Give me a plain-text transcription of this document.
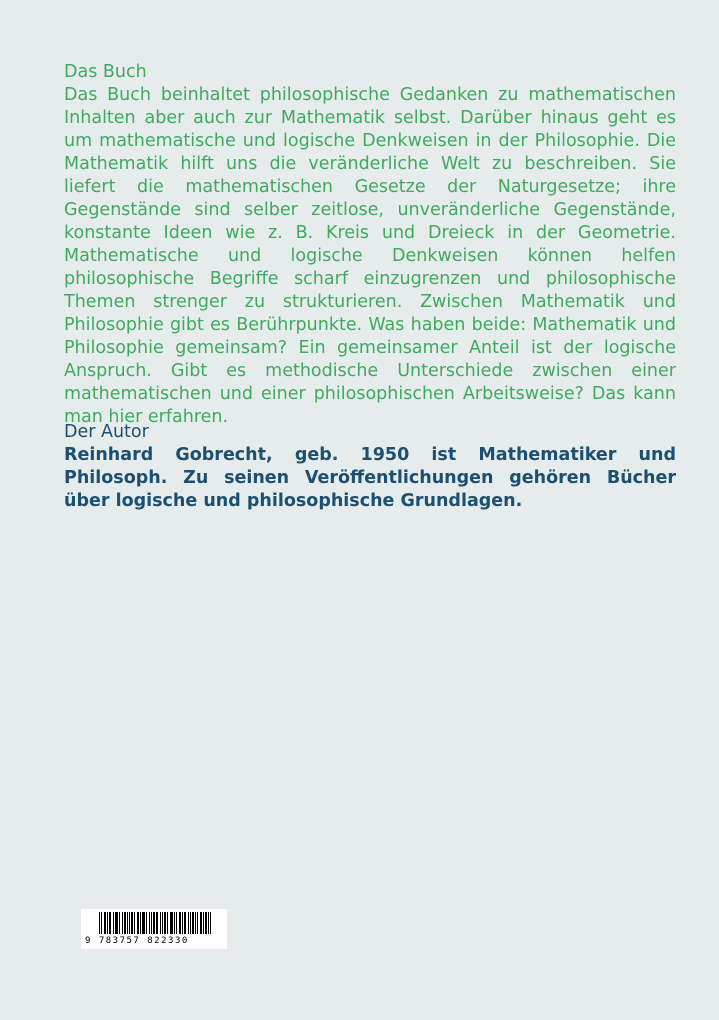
Das Buch

Das Buch beinhaltet philosophische Gedanken zu mathematischen Inhalten aber auch zur Mathematik selbst. Darüber hinaus geht es um mathematische und logische Denkweisen in der Philosophie. Die Mathematik hilft uns die veränderliche Welt zu beschreiben. Sie liefert die mathematischen Gesetze der Naturgesetze; ihre Gegenstände sind selber zeitlose, unveränderliche Gegenstände, konstante Ideen wie z. B. Kreis und Dreieck in der Geometrie. Mathematische und logische Denkweisen können helfen philosophische Begriffe scharf einzugrenzen und philosophische Themen strenger zu strukturieren. Zwischen Mathematik und Philosophie gibt es Berührpunkte. Was haben beide: Mathematik und Philosophie gemeinsam? Ein gemeinsamer Anteil ist der logische Anspruch. Gibt es methodische Unterschiede zwischen einer mathematischen und einer philosophischen Arbeitsweise? Das kann man hier erfahren.

Der Autor

Reinhard Gobrecht, geb. 1950 ist Mathematiker und Philosoph. Zu seinen Veröffentlichungen gehören Bücher über logische und philosophische Grundlagen.

9 783757 822330
